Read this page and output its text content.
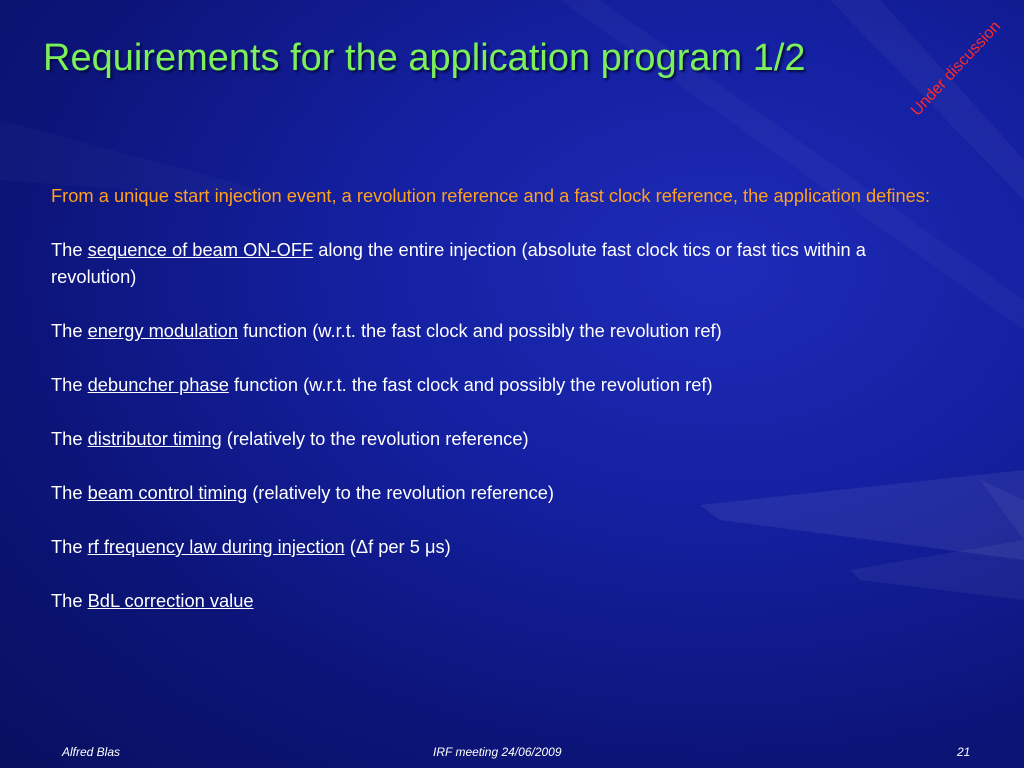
Requirements for the application program 1/2	Under discussion

From a unique start injection event, a revolution reference and a fast clock reference, the application defines:

The sequence of beam ON-OFF along the entire injection (absolute fast clock tics or fast tics within a revolution)

The energy modulation function (w.r.t. the fast clock and possibly the revolution ref)

The debuncher phase function (w.r.t. the fast clock and possibly the revolution ref)

The distributor timing (relatively to the revolution reference)

The beam control timing (relatively to the revolution reference)

The rf frequency law during injection (Δf per 5 μs)

The BdL correction value

Alfred Blas	IRF meeting 24/06/2009	21
